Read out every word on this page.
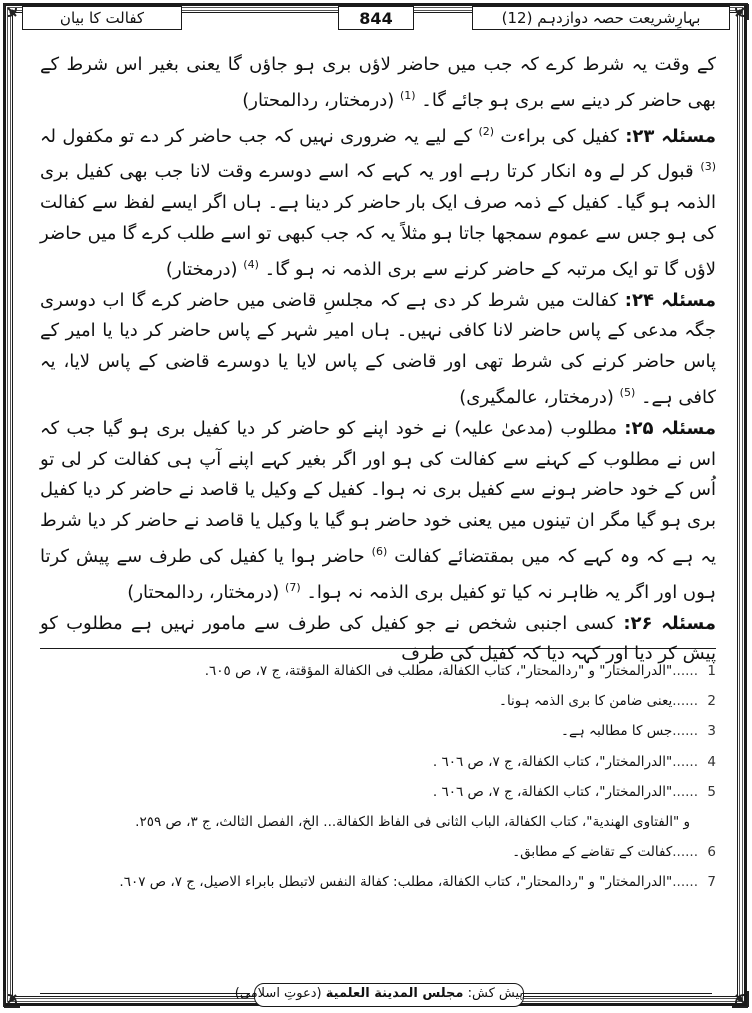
کفالت کا بیان	844	بہارِشریعت حصہ دوازدہم (12)

کے وقت یہ شرط کرے کہ جب میں حاضر لاؤں بری ہو جاؤں گا یعنی بغیر اس شرط کے بھی حاضر کر دینے سے بری ہو جائے گا۔ $^{(1)}$ (درمختار، ردالمحتار)

مسئلہ ۲۳: کفیل کی براءت $^{(2)}$ کے لیے یہ ضروری نہیں کہ جب حاضر کر دے تو مکفول لہ $^{(3)}$ قبول کر لے وہ انکار کرتا رہے اور یہ کہے کہ اسے دوسرے وقت لانا جب بھی کفیل بری الذمہ ہو گیا۔ کفیل کے ذمہ صرف ایک بار حاضر کر دینا ہے۔ ہاں اگر ایسے لفظ سے کفالت کی ہو جس سے عموم سمجھا جاتا ہو مثلاً یہ کہ جب کبھی تو اسے طلب کرے گا میں حاضر لاؤں گا تو ایک مرتبہ کے حاضر کرنے سے بری الذمہ نہ ہو گا۔ $^{(4)}$ (درمختار)

مسئلہ ۲۴: کفالت میں شرط کر دی ہے کہ مجلسِ قاضی میں حاضر کرے گا اب دوسری جگہ مدعی کے پاس حاضر لانا کافی نہیں۔ ہاں امیر شہر کے پاس حاضر کر دیا یا امیر کے پاس حاضر کرنے کی شرط تھی اور قاضی کے پاس لایا یا دوسرے قاضی کے پاس لایا، یہ کافی ہے۔ $^{(5)}$ (درمختار، عالمگیری)

مسئلہ ۲۵: مطلوب (مدعیٰ علیہ) نے خود اپنے کو حاضر کر دیا کفیل بری ہو گیا جب کہ اس نے مطلوب کے کہنے سے کفالت کی ہو اور اگر بغیر کہے اپنے آپ ہی کفالت کر لی تو اُس کے خود حاضر ہونے سے کفیل بری نہ ہوا۔ کفیل کے وکیل یا قاصد نے حاضر کر دیا کفیل بری ہو گیا مگر ان تینوں میں یعنی خود حاضر ہو گیا یا وکیل یا قاصد نے حاضر کر دیا شرط یہ ہے کہ وہ کہے کہ میں بمقتضائے کفالت $^{(6)}$ حاضر ہوا یا کفیل کی طرف سے پیش کرتا ہوں اور اگر یہ ظاہر نہ کیا تو کفیل بری الذمہ نہ ہوا۔ $^{(7)}$ (درمختار، ردالمحتار)

مسئلہ ۲۶: کسی اجنبی شخص نے جو کفیل کی طرف سے مامور نہیں ہے مطلوب کو پیش کر دیا اور کہہ دیا کہ کفیل کی طرف

1......"الدرالمختار" و "ردالمحتار"، كتاب الكفالة، مطلب فی الكفالة المؤقتة، ج ۷، ص ٦٠٥.
2......یعنی ضامن کا بری الذمہ ہونا۔
3......جس کا مطالبہ ہے۔
4......"الدرالمختار"، كتاب الكفالة، ج ۷، ص ٦٠٦ .
5......"الدرالمختار"، كتاب الكفالة، ج ۷، ص ٦٠٦ .
و "الفتاوی الهندية"، كتاب الكفالة، الباب الثانی فی الفاظ الكفالة... الخ، الفصل الثالث، ج ۳، ص ٢٥٩.
6......کفالت کے تقاضے کے مطابق۔
7......"الدرالمختار" و "ردالمحتار"، كتاب الكفالة، مطلب: كفالة النفس لاتبطل بابراء الاصيل، ج ۷، ص ٦٠٧.
پیش کش: مجلس المدينة العلمية (دعوتِ اسلامی)
